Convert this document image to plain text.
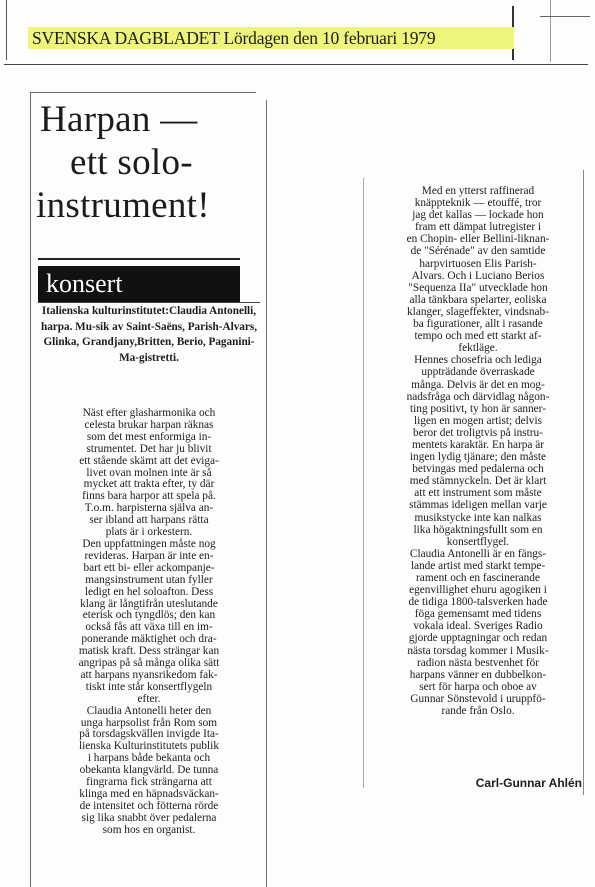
SVENSKA DAGBLADET Lördagen den 10 februari 1979
Harpan —
ett solo-
instrument!
konsert
Italienska kulturinstitutet:Claudia Antonelli, harpa. Mu-sik av Saint-Saëns, Parish-Alvars, Glinka, Grandjany,Britten, Berio, Paganini-Ma-gistretti.
Näst efter glasharmonika och
celesta brukar harpan räknas
som det mest enformiga in-
strumentet. Det har ju blivit
ett stående skämt att det eviga-
livet ovan molnen inte är så
mycket att trakta efter, ty där
finns bara harpor att spela på.
T.o.m. harpisterna själva an-
ser ibland att harpans rätta
plats är i orkestern.
Den uppfattningen måste nog
revideras. Harpan är inte en-
bart ett bi- eller ackompanje-
mangsinstrument utan fyller
ledigt en hel soloafton. Dess
klang är långtifrån uteslutande
eterisk och tyngdlös; den kan
också fås att växa till en im-
ponerande mäktighet och dra-
matisk kraft. Dess strängar kan
angripas på så många olika sätt
att harpans nyansrikedom fak-
tiskt inte står konsertflygeln
efter.
Claudia Antonelli heter den
unga harpsolist från Rom som
på torsdagskvällen invigde Ita-
lienska Kulturinstitutets publik
i harpans både bekanta och
obekanta klangvärld. De tunna
fingrarna fick strängarna att
klinga med en häpnadsväckan-
de intensitet och fötterna rörde
sig lika snabbt över pedalerna
som hos en organist.
Med en ytterst raffinerad
knäppteknik — etouffé, tror
jag det kallas — lockade hon
fram ett dämpat lutregister i
en Chopin- eller Bellini-liknan-
de "Sérénade" av den samtide
harpvirtuosen Elis Parish-
Alvars. Och i Luciano Berios
"Sequenza IIa" utvecklade hon
alla tänkbara spelarter, eoliska
klanger, slageffekter, vindsnab-
ba figurationer, allt i rasande
tempo och med ett starkt af-
fektläge.
Hennes chosefria och lediga
uppträdande överraskade
många. Delvis är det en mog-
nadsfråga och därvidlag någon-
ting positivt, ty hon är sanner-
ligen en mogen artist; delvis
beror det troligtvis på instru-
mentets karaktär. En harpa är
ingen lydig tjänare; den måste
betvingas med pedalerna och
med stämnyckeln. Det är klart
att ett instrument som måste
stämmas ideligen mellan varje
musikstycke inte kan nalkas
lika högaktningsfullt som en
konsertflygel.
Claudia Antonelli är en fängs-
lande artist med starkt tempe-
rament och en fascinerande
egenvillighet ehuru agogiken i
de tidiga 1800-talsverken hade
föga gemensamt med tidens
vokala ideal. Sveriges Radio
gjorde upptagningar och redan
nästa torsdag kommer i Musik-
radion nästa bestvenhet för
harpans vänner en dubbelkon-
sert för harpa och oboe av
Gunnar Sönstevold i uruppfö-
rande från Oslo.
Carl-Gunnar Ahlén
